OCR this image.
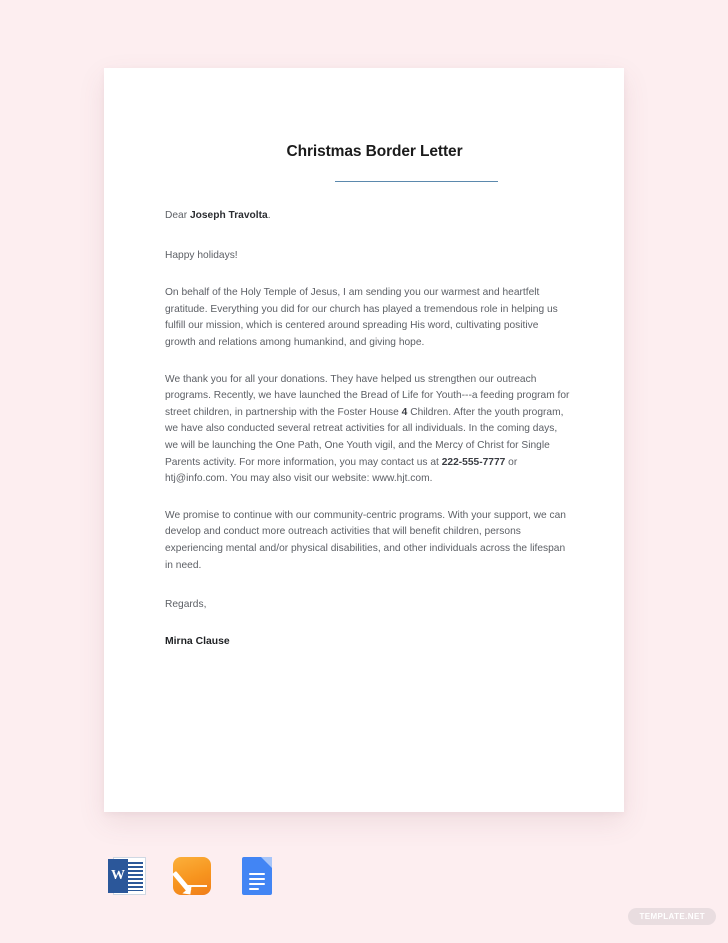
Christmas Border Letter
Dear Joseph Travolta.
Happy holidays!

On behalf of the Holy Temple of Jesus, I am sending you our warmest and heartfelt gratitude. Everything you did for our church has played a tremendous role in helping us fulfill our mission, which is centered around spreading His word, cultivating positive growth and relations among humankind, and giving hope.

We thank you for all your donations. They have helped us strengthen our outreach programs. Recently, we have launched the Bread of Life for Youth---a feeding program for street children, in partnership with the Foster House 4 Children. After the youth program, we have also conducted several retreat activities for all individuals. In the coming days, we will be launching the One Path, One Youth vigil, and the Mercy of Christ for Single Parents activity. For more information, you may contact us at 222-555-7777 or htj@info.com. You may also visit our website: www.hjt.com.

We promise to continue with our community-centric programs. With your support, we can develop and conduct more outreach activities that will benefit children, persons experiencing mental and/or physical disabilities, and other individuals across the lifespan in need.

Regards,
Mirna Clause
W
TEMPLATE.NET
